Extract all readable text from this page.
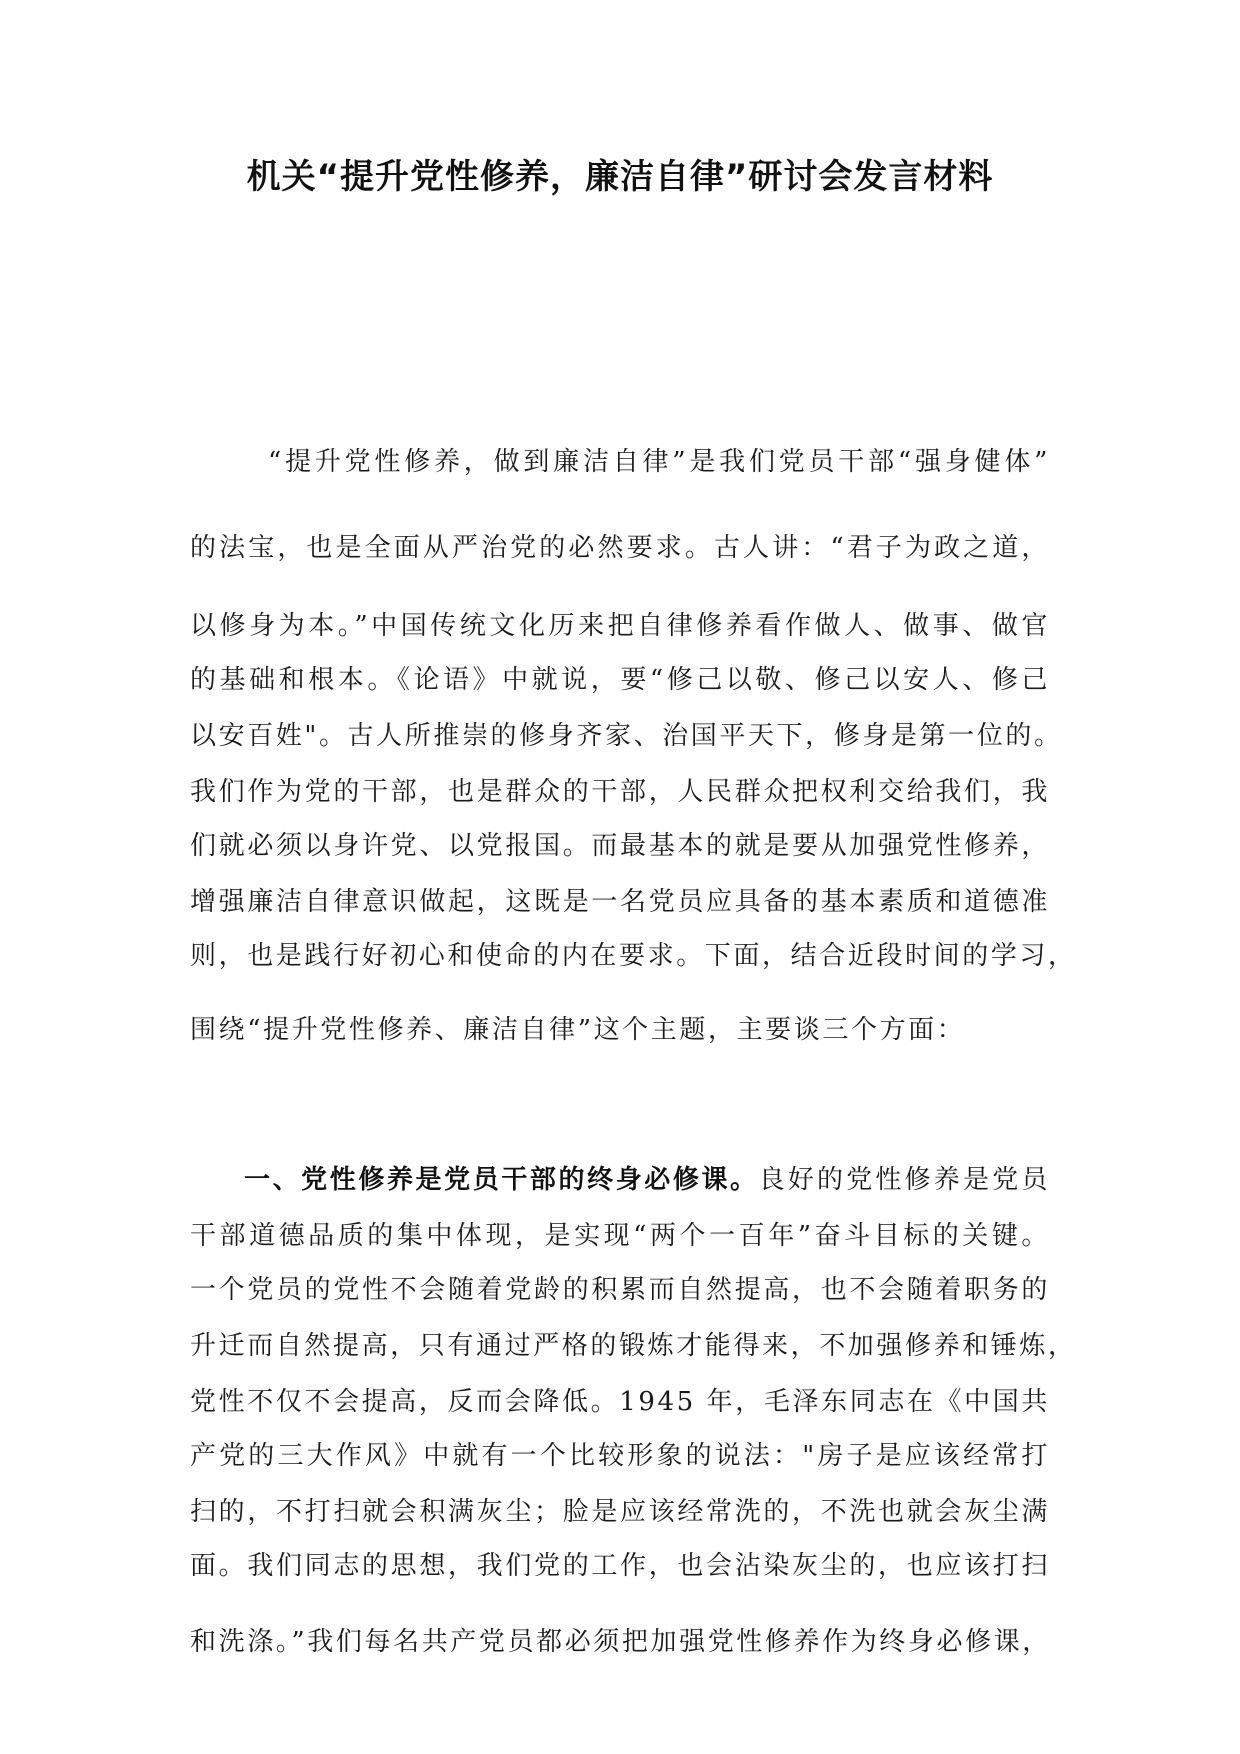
机关“提升党性修养，廉洁自律”研讨会发言材料
“提升党性修养，做到廉洁自律”是我们党员干部“强身健体”
的法宝，也是全面从严治党的必然要求。古人讲：“君子为政之道，
以修身为本。”中国传统文化历来把自律修养看作做人、做事、做官
的基础和根本。《论语》中就说，要“修己以敬、修己以安人、修己
以安百姓"。古人所推崇的修身齐家、治国平天下，修身是第一位的。
我们作为党的干部，也是群众的干部，人民群众把权利交给我们，我
们就必须以身许党、以党报国。而最基本的就是要从加强党性修养，
增强廉洁自律意识做起，这既是一名党员应具备的基本素质和道德准
则，也是践行好初心和使命的内在要求。下面，结合近段时间的学习，
围绕“提升党性修养、廉洁自律”这个主题，主要谈三个方面：
一、党性修养是党员干部的终身必修课。良好的党性修养是党员
干部道德品质的集中体现，是实现“两个一百年”奋斗目标的关键。
一个党员的党性不会随着党龄的积累而自然提高，也不会随着职务的
升迁而自然提高，只有通过严格的锻炼才能得来，不加强修养和锤炼，
党性不仅不会提高，反而会降低。1945 年，毛泽东同志在《中国共
产党的三大作风》中就有一个比较形象的说法："房子是应该经常打
扫的，不打扫就会积满灰尘；脸是应该经常洗的，不洗也就会灰尘满
面。我们同志的思想，我们党的工作，也会沾染灰尘的，也应该打扫
和洗涤。”我们每名共产党员都必须把加强党性修养作为终身必修课，
